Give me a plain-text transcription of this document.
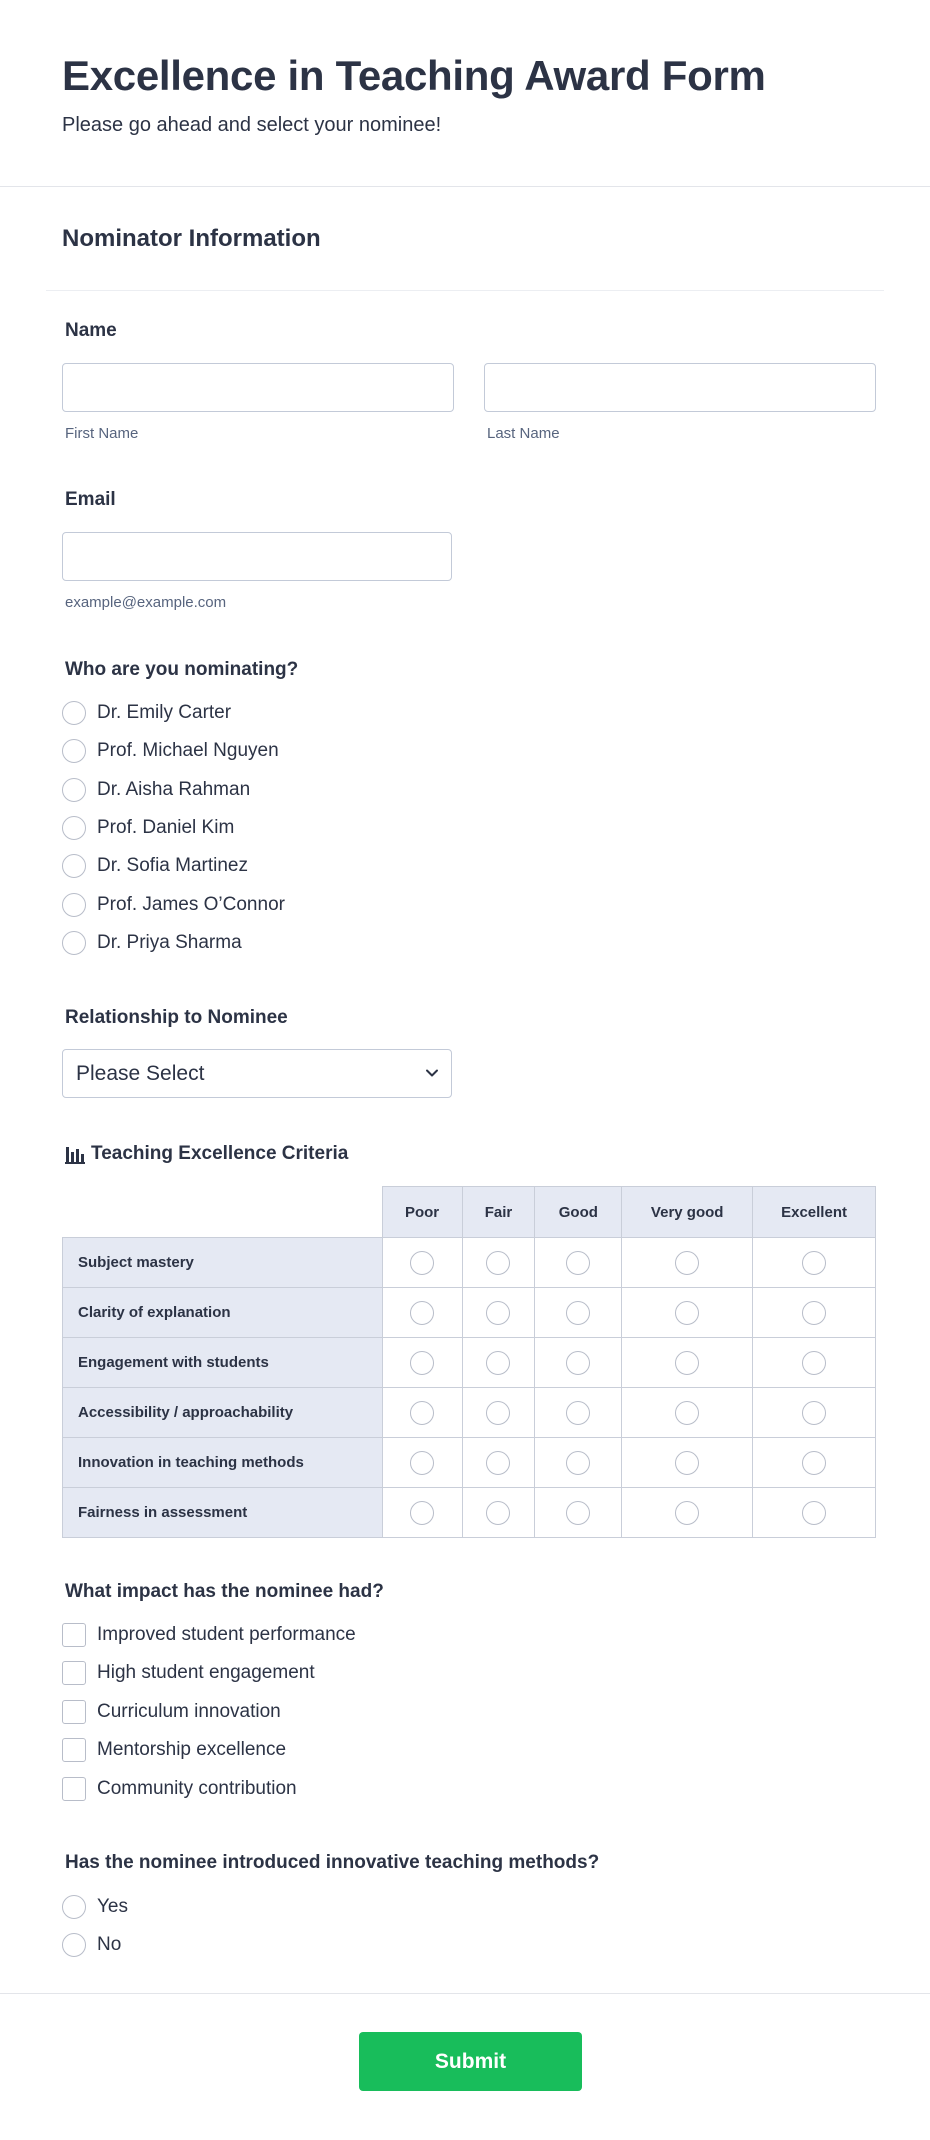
Excellence in Teaching Award Form
Please go ahead and select your nominee!
Nominator Information
Name
First Name	Last Name
Email
example@example.com
Who are you nominating?
Dr. Emily Carter
Prof. Michael Nguyen
Dr. Aisha Rahman
Prof. Daniel Kim
Dr. Sofia Martinez
Prof. James O’Connor
Dr. Priya Sharma
Relationship to Nominee
Please Select
Teaching Excellence Criteria
	Poor	Fair	Good	Very good	Excellent
Subject mastery					
Clarity of explanation					
Engagement with students					
Accessibility / approachability					
Innovation in teaching methods					
Fairness in assessment					
What impact has the nominee had?
Improved student performance
High student engagement
Curriculum innovation
Mentorship excellence
Community contribution
Has the nominee introduced innovative teaching methods?
Yes
No
Submit
